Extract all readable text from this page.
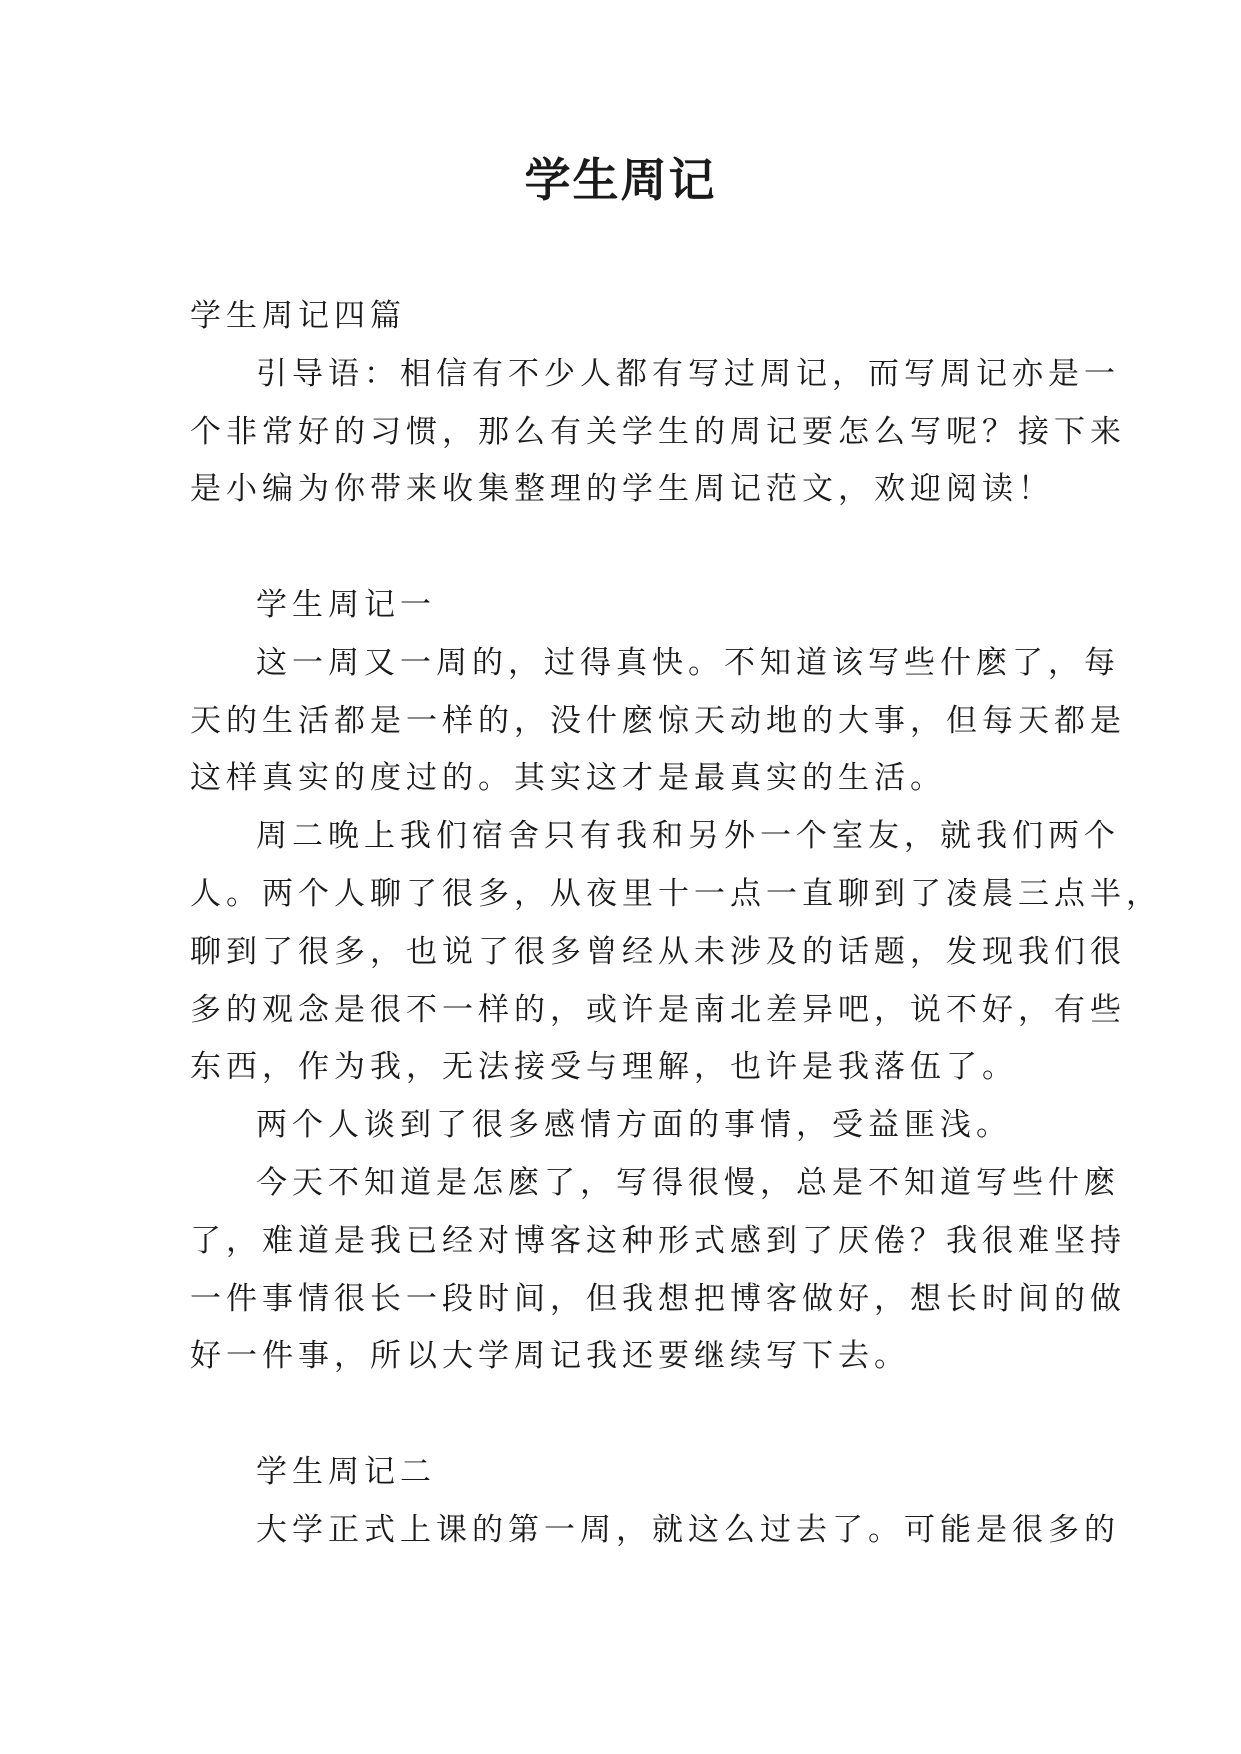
学生周记
学生周记四篇
引导语：相信有不少人都有写过周记，而写周记亦是一
个非常好的习惯，那么有关学生的周记要怎么写呢？接下来
是小编为你带来收集整理的学生周记范文，欢迎阅读！
学生周记一
这一周又一周的，过得真快。不知道该写些什麽了，每
天的生活都是一样的，没什麽惊天动地的大事，但每天都是
这样真实的度过的。其实这才是最真实的生活。
周二晚上我们宿舍只有我和另外一个室友，就我们两个
人。两个人聊了很多，从夜里十一点一直聊到了凌晨三点半，
聊到了很多，也说了很多曾经从未涉及的话题，发现我们很
多的观念是很不一样的，或许是南北差异吧，说不好，有些
东西，作为我，无法接受与理解，也许是我落伍了。
两个人谈到了很多感情方面的事情，受益匪浅。
今天不知道是怎麽了，写得很慢，总是不知道写些什麽
了，难道是我已经对博客这种形式感到了厌倦？我很难坚持
一件事情很长一段时间，但我想把博客做好，想长时间的做
好一件事，所以大学周记我还要继续写下去。
学生周记二
大学正式上课的第一周，就这么过去了。可能是很多的
